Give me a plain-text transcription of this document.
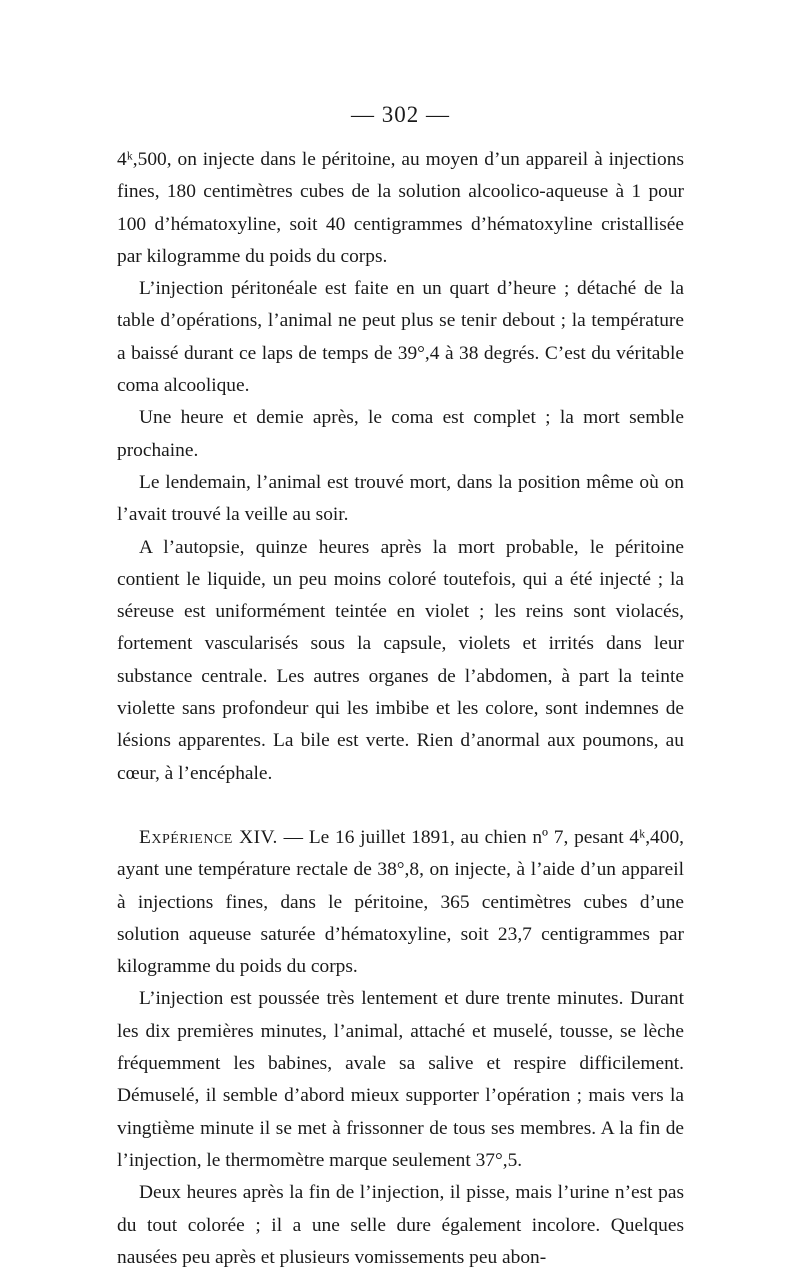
— 302 —

4ᵏ,500, on injecte dans le péritoine, au moyen d’un appareil à injections fines, 180 centimètres cubes de la solution alcoolico-aqueuse à 1 pour 100 d’hématoxyline, soit 40 centigrammes d’hématoxyline cristallisée par kilogramme du poids du corps.

L’injection péritonéale est faite en un quart d’heure ; détaché de la table d’opérations, l’animal ne peut plus se tenir debout ; la température a baissé durant ce laps de temps de 39°,4 à 38 degrés. C’est du véritable coma alcoolique.

Une heure et demie après, le coma est complet ; la mort semble prochaine.

Le lendemain, l’animal est trouvé mort, dans la position même où on l’avait trouvé la veille au soir.

A l’autopsie, quinze heures après la mort probable, le péritoine contient le liquide, un peu moins coloré toutefois, qui a été injecté ; la séreuse est uniformément teintée en violet ; les reins sont violacés, fortement vascularisés sous la capsule, violets et irrités dans leur substance centrale. Les autres organes de l’abdomen, à part la teinte violette sans profondeur qui les imbibe et les colore, sont indemnes de lésions apparentes. La bile est verte. Rien d’anormal aux poumons, au cœur, à l’encéphale.

Expérience XIV. — Le 16 juillet 1891, au chien nº 7, pesant 4ᵏ,400, ayant une température rectale de 38°,8, on injecte, à l’aide d’un appareil à injections fines, dans le péritoine, 365 centimètres cubes d’une solution aqueuse saturée d’hématoxyline, soit 23,7 centigrammes par kilogramme du poids du corps.

L’injection est poussée très lentement et dure trente minutes. Durant les dix premières minutes, l’animal, attaché et muselé, tousse, se lèche fréquemment les babines, avale sa salive et respire difficilement. Démuselé, il semble d’abord mieux supporter l’opération ; mais vers la vingtième minute il se met à frissonner de tous ses membres. A la fin de l’injection, le thermomètre marque seulement 37°,5.

Deux heures après la fin de l’injection, il pisse, mais l’urine n’est pas du tout colorée ; il a une selle dure également incolore. Quelques nausées peu après et plusieurs vomissements peu abon-
